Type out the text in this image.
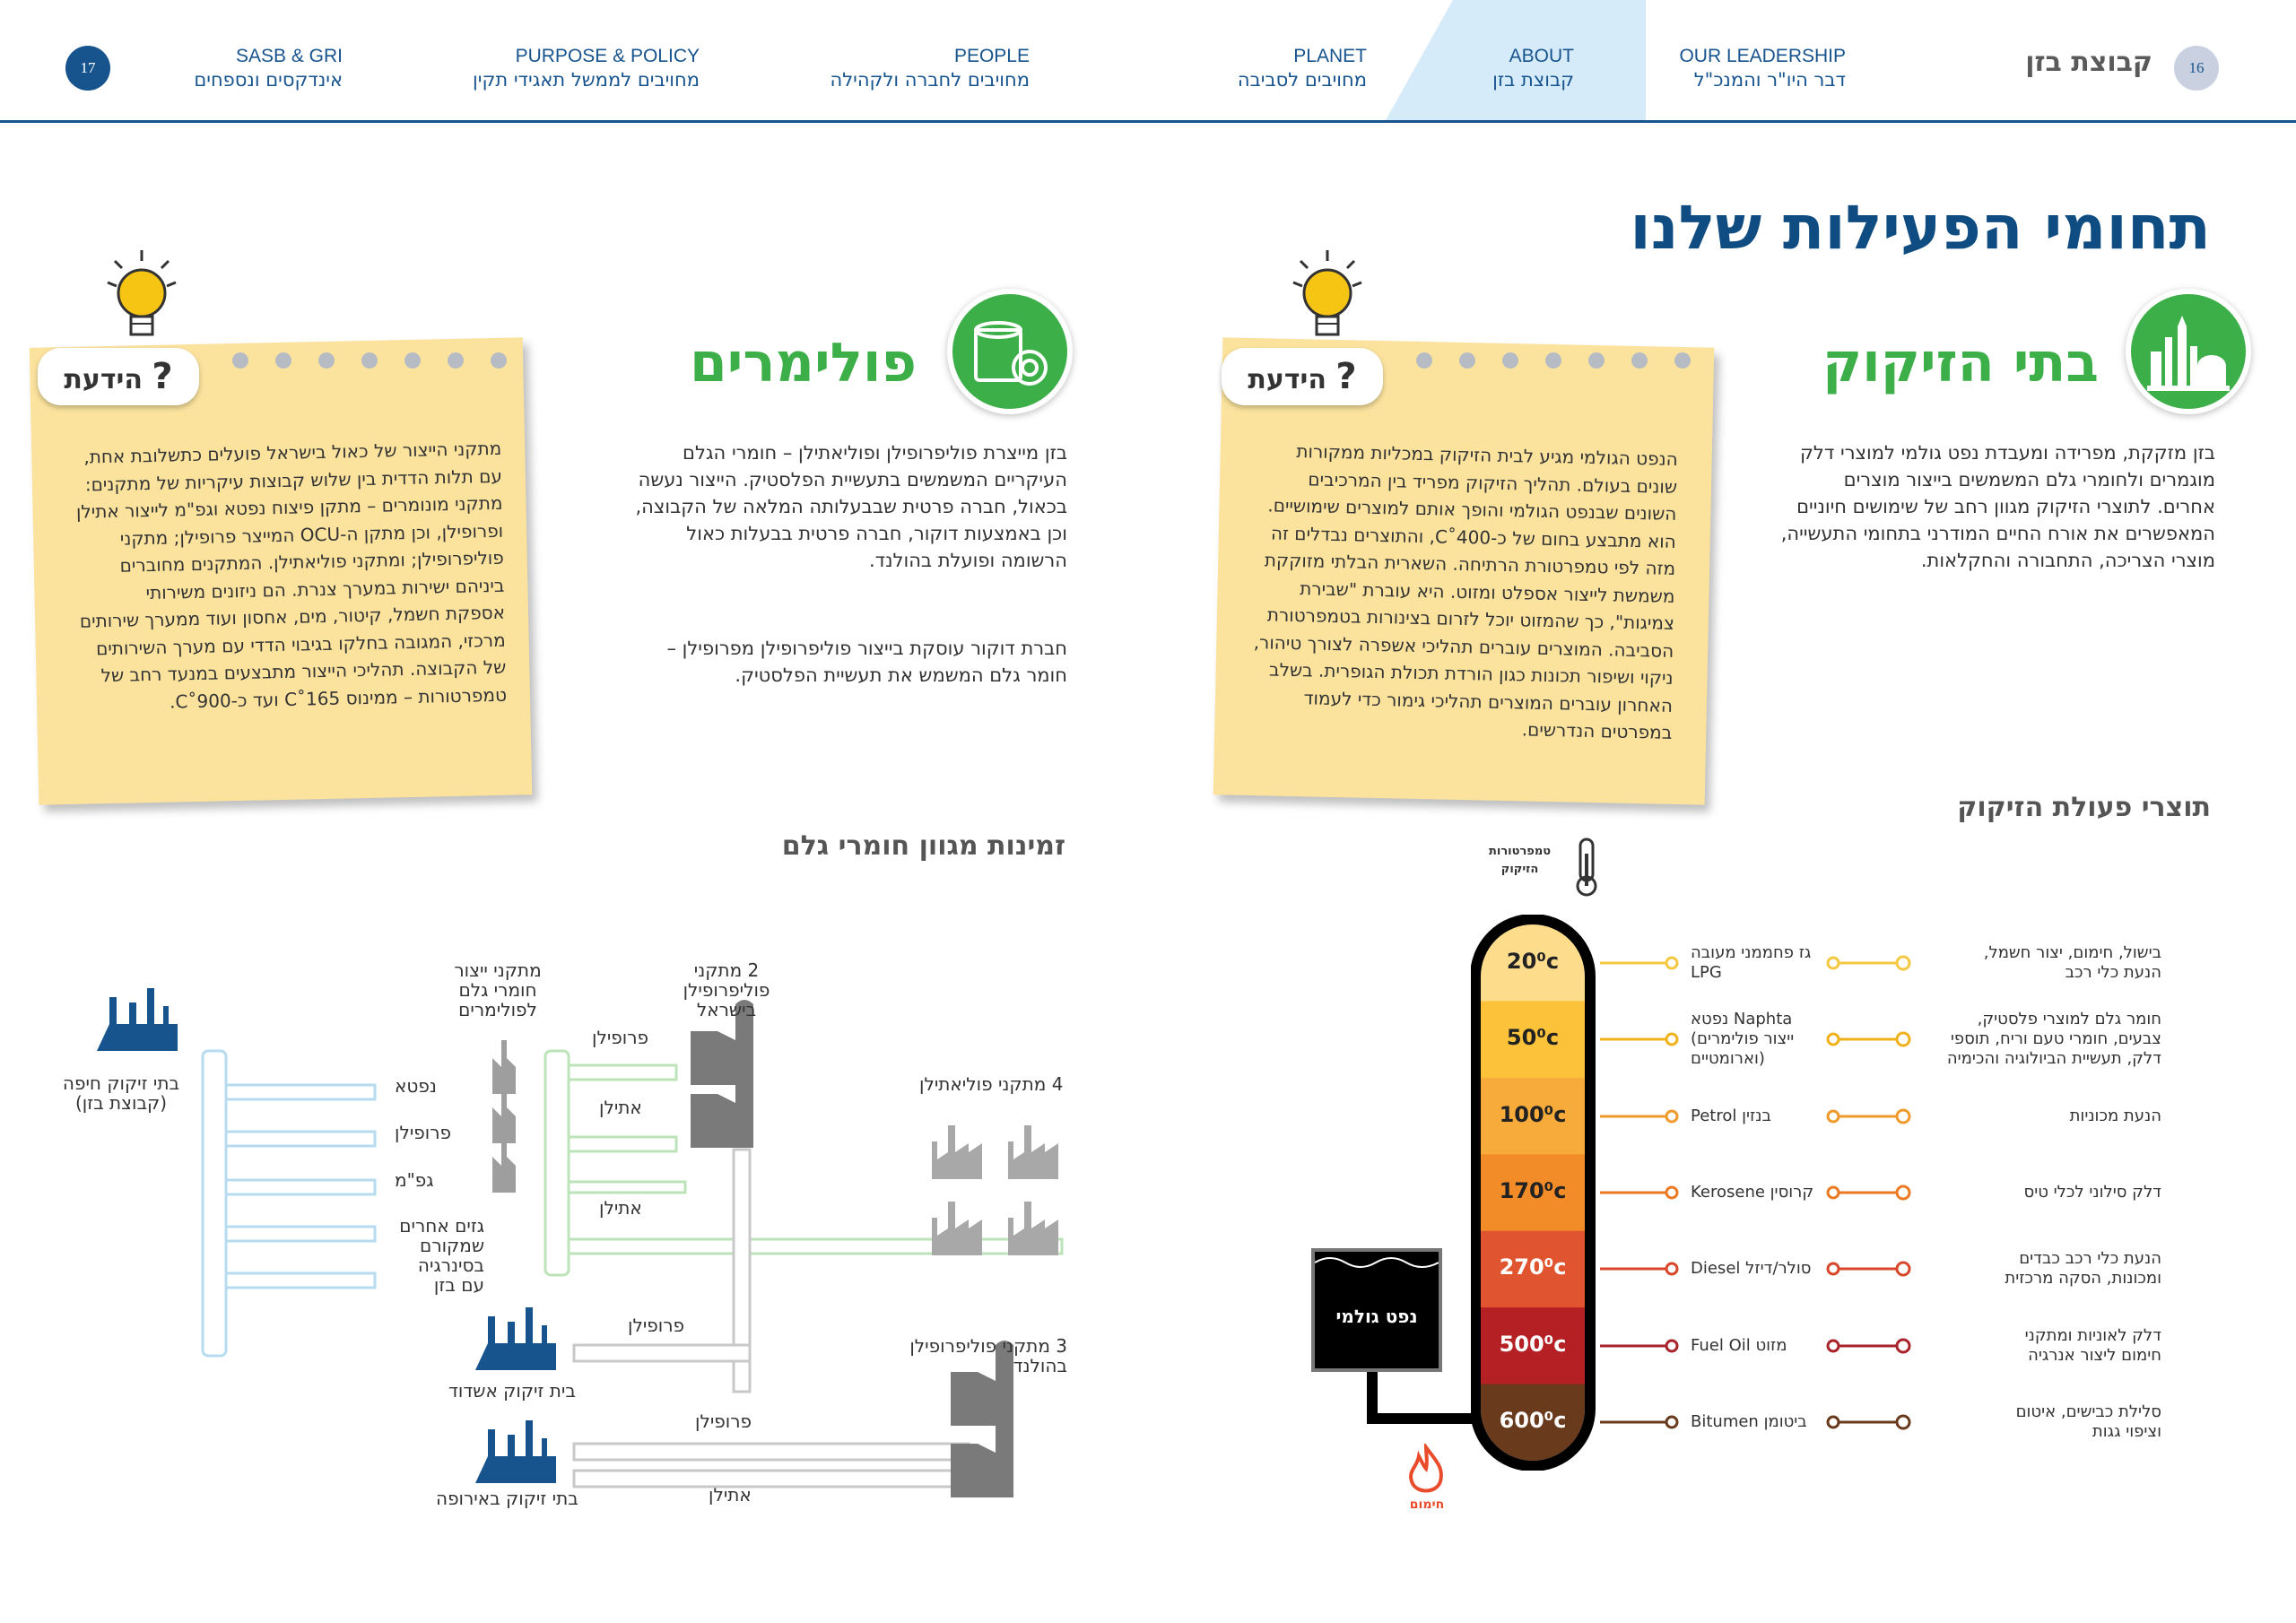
16
קבוצת בזן
OUR LEADERSHIP
דבר היו"ר והמנכ"ל
ABOUT
קבוצת בזן
PLANET
מחויבים לסביבה
PEOPLE
מחויבים לחברה ולקהילה
PURPOSE & POLICY
מחויבים לממשל תאגידי תקין
SASB & GRI
אינדקסים ונספחים
17
תחומי הפעילות שלנו
בתי הזיקוק
בזן מזקקת, מפרידה ומעבדת נפט גולמי למוצרי דלק
מוגמרים ולחומרי גלם המשמשים בייצור מוצרים
אחרים. לתוצרי הזיקוק מגוון רחב של שימושים חיוניים
המאפשרים את אורח החיים המודרני בתחומי התעשייה,
מוצרי הצריכה, התחבורה והחקלאות.
הנפט הגולמי מגיע לבית הזיקוק במכליות ממקורות
שונים בעולם. תהליך הזיקוק מפריד בין המרכיבים
השונים שבנפט הגולמי והופך אותם למוצרים שימושיים.
הוא מתבצע בחום של כ-400˚C, והתוצרים נבדלים זה
מזה לפי טמפרטורת הרתיחה. השארית הבלתי מזוקקת
משמשת לייצור אספלט ומזוט. היא עוברת "שבירת
צמיגות", כך שהמזוט יוכל לזרום בצינורות בטמפרטורת
הסביבה. המוצרים עוברים תהליכי אשפרה לצורך טיהור,
ניקוי ושיפור תכונות כגון הורדת תכולת הגופרית. בשלב
האחרון עוברים המוצרים תהליכי גימור כדי לעמוד
במפרטים הנדרשים.
? הידעת
פולימרים
בזן מייצרת פוליפרופילן ופוליאתילן – חומרי הגלם
העיקריים המשמשים בתעשיית הפלסטיק. הייצור נעשה
בכאול, חברה פרטית שבבעלותה המלאה של הקבוצה,
וכן באמצעות דוקור, חברה פרטית בבעלות כאול
הרשומה ופועלת בהולנד.
חברת דוקור עוסקת בייצור פוליפרופילן מפרופילן –
חומר גלם המשמש את תעשיית הפלסטיק.
מתקני הייצור של כאול בישראל פועלים כתשלובת אחת,
עם תלות הדדית בין שלוש קבוצות עיקריות של מתקנים:
מתקני מונומרים – מתקן פיצוח נפטא וגפ"מ לייצור אתילן
ופרופילן, וכן מתקן ה-OCU המייצר פרופילן; מתקני
פוליפרופילן; ומתקני פוליאתילן. המתקנים מחוברים
ביניהם ישירות במערך צנרת. הם ניזונים משירותי
אספקת חשמל, קיטור, מים, אחסון ועוד ממערך שירותים
מרכזי, המגובה בחלקו בגיבוי הדדי עם מערך השירותים
של הקבוצה. תהליכי הייצור מתבצעים במנעד רחב של
טמפרטורות – ממינוס 165˚C ועד כ-900˚C.
? הידעת
תוצרי פעולת הזיקוק
טמפרטורות
הזיקוק
20⁰c
50⁰c
100⁰c
170⁰c
270⁰c
500⁰c
600⁰c
נפט גולמי
חימום
גז פחממני מעובה
LPG
בישול, חימום, יצור חשמל,
הנעת כלי רכב
נפטא Naphta
(ייצור פולימרים
וארומטיים)
חומר גלם למוצרי פלסטיק,
צבעים, חומרי טעם וריח, תוספי
דלק, תעשיית הביולוגיה והכימיה
Petrol בנזין	הנעת מכוניות
Kerosene קרוסין	דלק סילוני לכלי טיס
Diesel סולר/דיזל
הנעת כלי רכב כבדים
ומכונות, הסקה מרכזית
Fuel Oil מזוט
דלק לאוניות ומתקני
חימום ליצור אנרגיה
Bitumen ביטומן
סלילת כבישים, איטום
וציפוי גגות
זמינות מגוון חומרי גלם
בתי זיקוק חיפה
(קבוצת בזן)
נפטא
פרופילן
גפ"מ
גזים אחרים
שמקורם
בסינרגיה
עם בזן
מתקני ייצור
חומרי גלם
לפולימרים
2 מתקני
פוליפרופילן
בישראל
4 מתקני פוליאתילן
פרופילן
אתילן
אתילן
פרופילן
בית זיקוק אשדוד
פרופילן
אתילן
בתי זיקוק באירופה
3 מתקני פוליפרופילן
בהולנד
